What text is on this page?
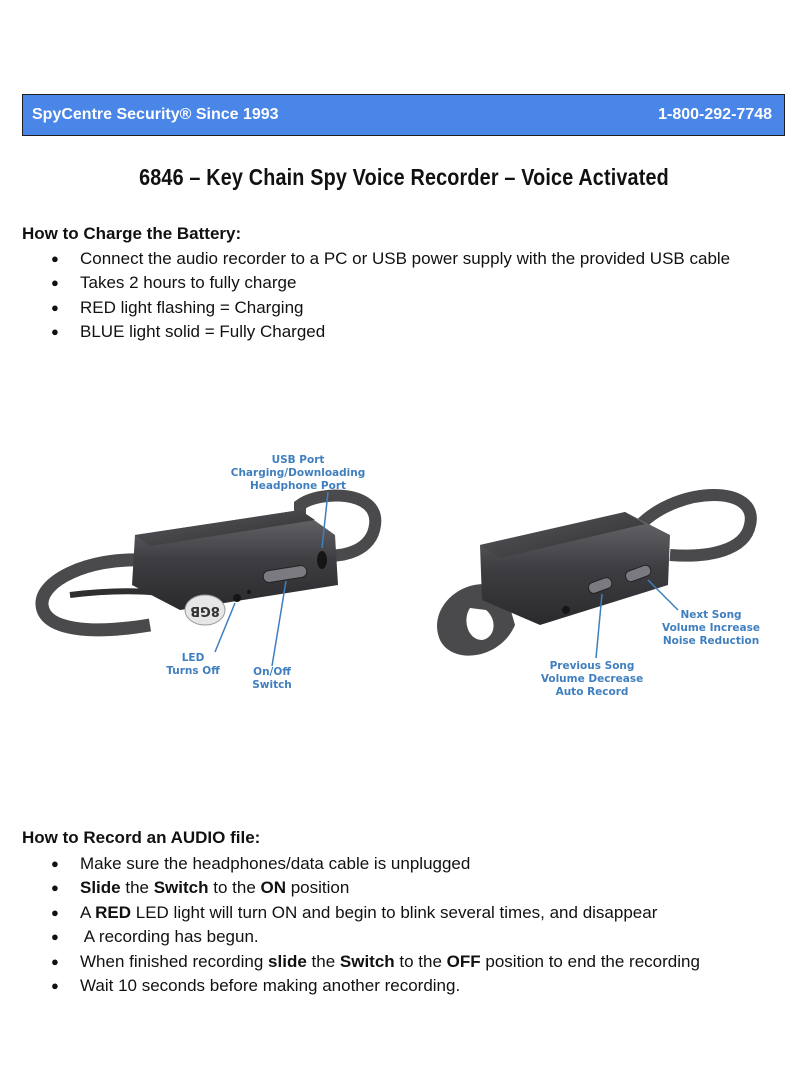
SpyCentre Security® Since 1993	1-800-292-7748
6846 – Key Chain Spy Voice Recorder – Voice Activated
How to Charge the Battery:
● Connect the audio recorder to a PC or USB power supply with the provided USB cable
● Takes 2 hours to fully charge
● RED light flashing = Charging
● BLUE light solid = Fully Charged
8GB
USB Port
Charging/Downloading
Headphone Port
LED
Turns Off	On/Off
Switch
Next Song
Volume Increase
Noise Reduction
Previous Song
Volume Decrease
Auto Record
How to Record an AUDIO file:
● Make sure the headphones/data cable is unplugged
● Slide the Switch to the ON position
● A RED LED light will turn ON and begin to blink several times, and disappear
● A recording has begun.
● When finished recording slide the Switch to the OFF position to end the recording
● Wait 10 seconds before making another recording.
